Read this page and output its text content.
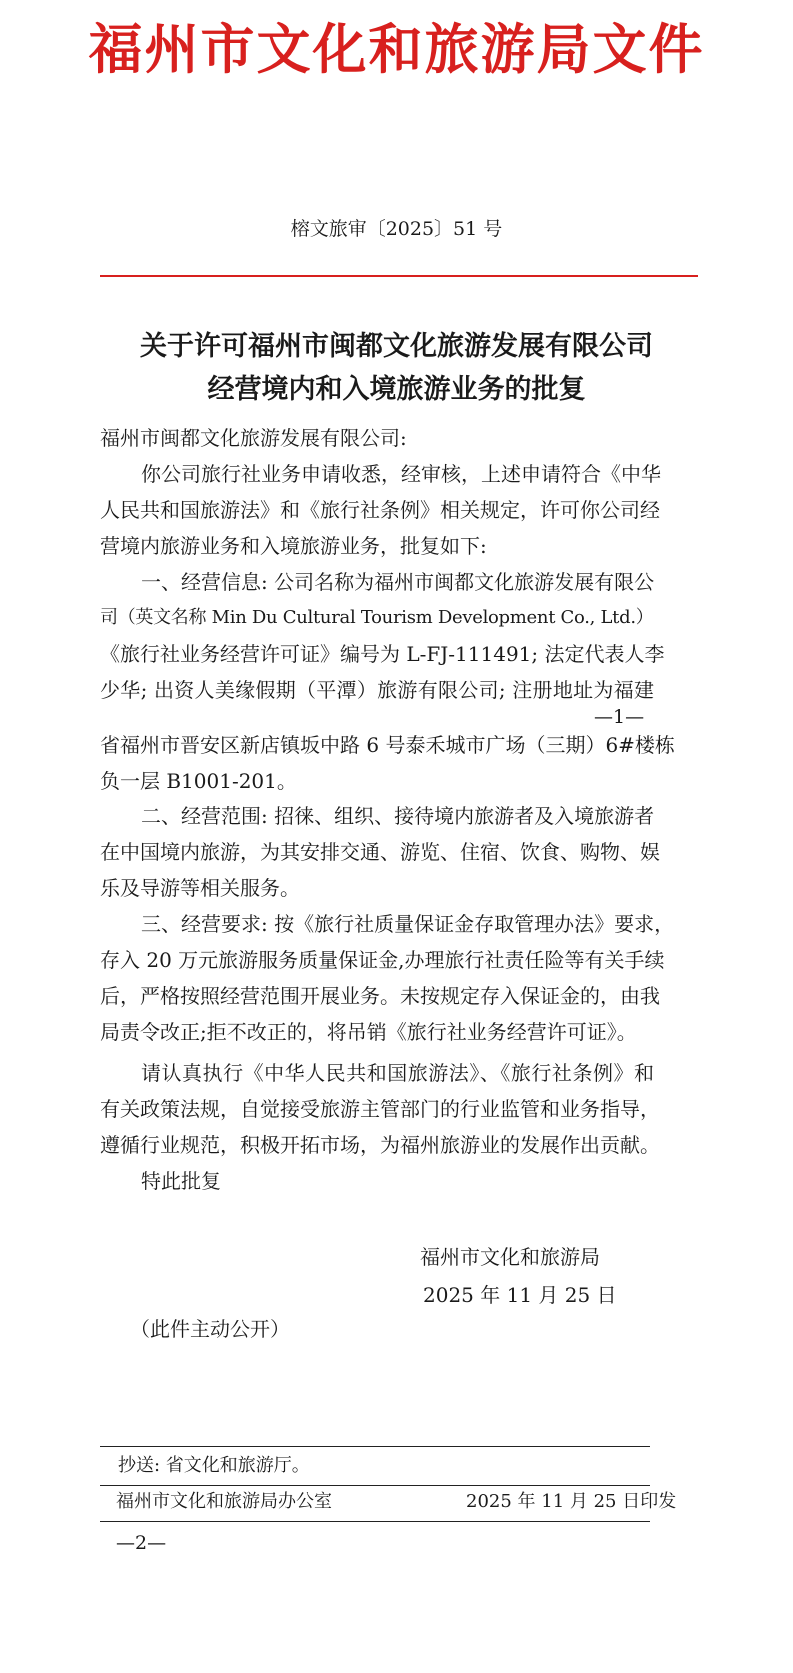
福州市文化和旅游局文件
榕文旅审〔2025〕51 号
关于许可福州市闽都文化旅游发展有限公司
经营境内和入境旅游业务的批复
福州市闽都文化旅游发展有限公司:
你公司旅行社业务申请收悉，经审核，上述申请符合《中华
人民共和国旅游法》和《旅行社条例》相关规定，许可你公司经
营境内旅游业务和入境旅游业务，批复如下:
一、经营信息: 公司名称为福州市闽都文化旅游发展有限公
司（英文名称 Min Du Cultural Tourism Development Co., Ltd.）
《旅行社业务经营许可证》编号为 L-FJ-111491; 法定代表人李
少华; 出资人美缘假期（平潭）旅游有限公司; 注册地址为福建
—1—
省福州市晋安区新店镇坂中路 6 号泰禾城市广场（三期）6#楼栋
负一层 B1001-201。
二、经营范围: 招徕、组织、接待境内旅游者及入境旅游者
在中国境内旅游，为其安排交通、游览、住宿、饮食、购物、娱
乐及导游等相关服务。
三、经营要求: 按《旅行社质量保证金存取管理办法》要求，
存入 20 万元旅游服务质量保证金,办理旅行社责任险等有关手续
后，严格按照经营范围开展业务。未按规定存入保证金的，由我
局责令改正;拒不改正的，将吊销《旅行社业务经营许可证》。
请认真执行《中华人民共和国旅游法》、《旅行社条例》和
有关政策法规，自觉接受旅游主管部门的行业监管和业务指导，
遵循行业规范，积极开拓市场，为福州旅游业的发展作出贡献。
特此批复
福州市文化和旅游局
2025 年 11 月 25 日
（此件主动公开）
抄送: 省文化和旅游厅。
福州市文化和旅游局办公室	2025 年 11 月 25 日印发
—2—
